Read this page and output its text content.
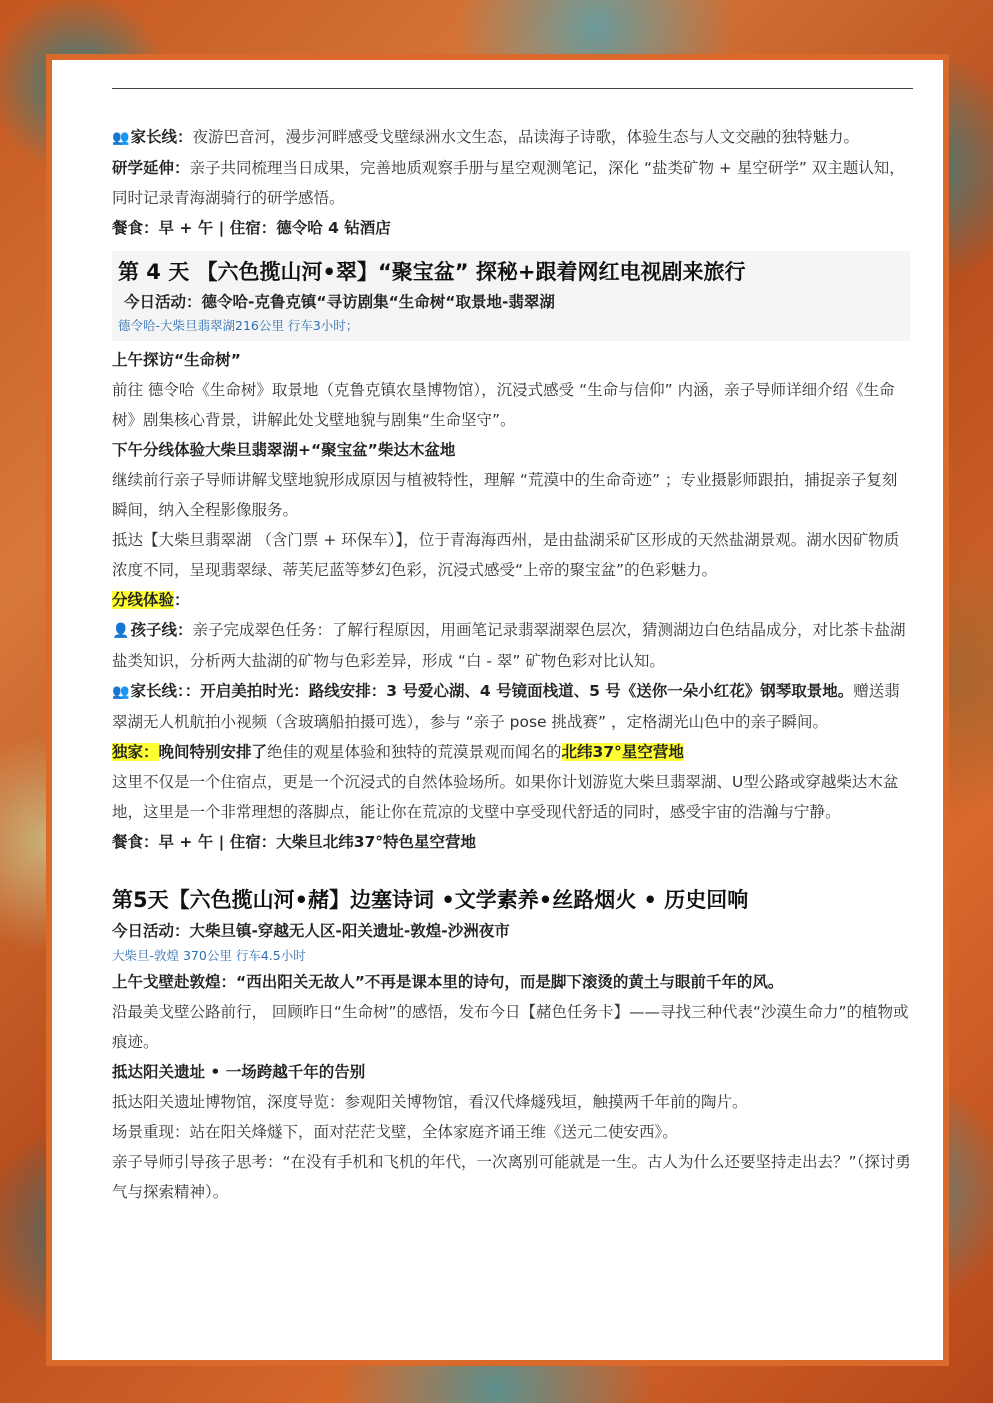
👥 家长线：夜游巴音河，漫步河畔感受戈壁绿洲水文生态，品读海子诗歌，体验生态与人文交融的独特魅力。

研学延伸：亲子共同梳理当日成果，完善地质观察手册与星空观测笔记，深化 “盐类矿物 + 星空研学” 双主题认知，同时记录青海湖骑行的研学感悟。

餐食：早 + 午 | 住宿：德令哈 4 钻酒店

第 4 天 【六色揽山河•翠】“聚宝盆” 探秘+跟着网红电视剧来旅行

今日活动：德令哈-克鲁克镇“寻访剧集“生命树“取景地-翡翠湖

德令哈-大柴旦翡翠湖216公里 行车3小时；

上午探访“生命树”

前往 德令哈《生命树》取景地（克鲁克镇农垦博物馆），沉浸式感受 “生命与信仰” 内涵，亲子导师详细介绍《生命树》剧集核心背景，讲解此处戈壁地貌与剧集“生命坚守”。

下午分线体验大柴旦翡翠湖+“聚宝盆”柴达木盆地

继续前行亲子导师讲解戈壁地貌形成原因与植被特性，理解 “荒漠中的生命奇迹” ；专业摄影师跟拍，捕捉亲子复刻瞬间，纳入全程影像服务。

抵达【大柴旦翡翠湖 （含门票 + 环保车）】，位于青海海西州，是由盐湖采矿区形成的天然盐湖景观。湖水因矿物质浓度不同，呈现翡翠绿、蒂芙尼蓝等梦幻色彩，沉浸式感受“上帝的聚宝盆”的色彩魅力。

分线体验：

👤 孩子线：亲子完成翠色任务：了解行程原因，用画笔记录翡翠湖翠色层次，猜测湖边白色结晶成分，对比茶卡盐湖盐类知识，分析两大盐湖的矿物与色彩差异，形成 “白 - 翠” 矿物色彩对比认知。

👥 家长线：：开启美拍时光：路线安排：3 号爱心湖、4 号镜面栈道、5 号《送你一朵小红花》钢琴取景地。赠送翡翠湖无人机航拍小视频（含玻璃船拍摄可选），参与 “亲子 pose 挑战赛” ，定格湖光山色中的亲子瞬间。

独家：晚间特别安排了绝佳的观星体验和独特的荒漠景观而闻名的北纬37°星空营地

这里不仅是一个住宿点，更是一个沉浸式的自然体验场所。如果你计划游览大柴旦翡翠湖、U型公路或穿越柴达木盆地，这里是一个非常理想的落脚点，能让你在荒凉的戈壁中享受现代舒适的同时，感受宇宙的浩瀚与宁静。

餐食：早 + 午 | 住宿：大柴旦北纬37°特色星空营地

第5天【六色揽山河•赭】边塞诗词 •文学素养•丝路烟火 • 历史回响

今日活动：大柴旦镇-穿越无人区-阳关遗址-敦煌-沙洲夜市

大柴旦-敦煌 370公里 行车4.5小时

上午戈壁赴敦煌：“西出阳关无故人”不再是课本里的诗句，而是脚下滚烫的黄土与眼前千年的风。

沿最美戈壁公路前行， 回顾昨日“生命树”的感悟，发布今日【赭色任务卡】——寻找三种代表“沙漠生命力”的植物或痕迹。

抵达阳关遗址 • 一场跨越千年的告别

抵达阳关遗址博物馆，深度导览：参观阳关博物馆，看汉代烽燧残垣，触摸两千年前的陶片。

场景重现：站在阳关烽燧下，面对茫茫戈壁，全体家庭齐诵王维《送元二使安西》。

亲子导师引导孩子思考：“在没有手机和飞机的年代，一次离别可能就是一生。古人为什么还要坚持走出去？”（探讨勇气与探索精神）。
